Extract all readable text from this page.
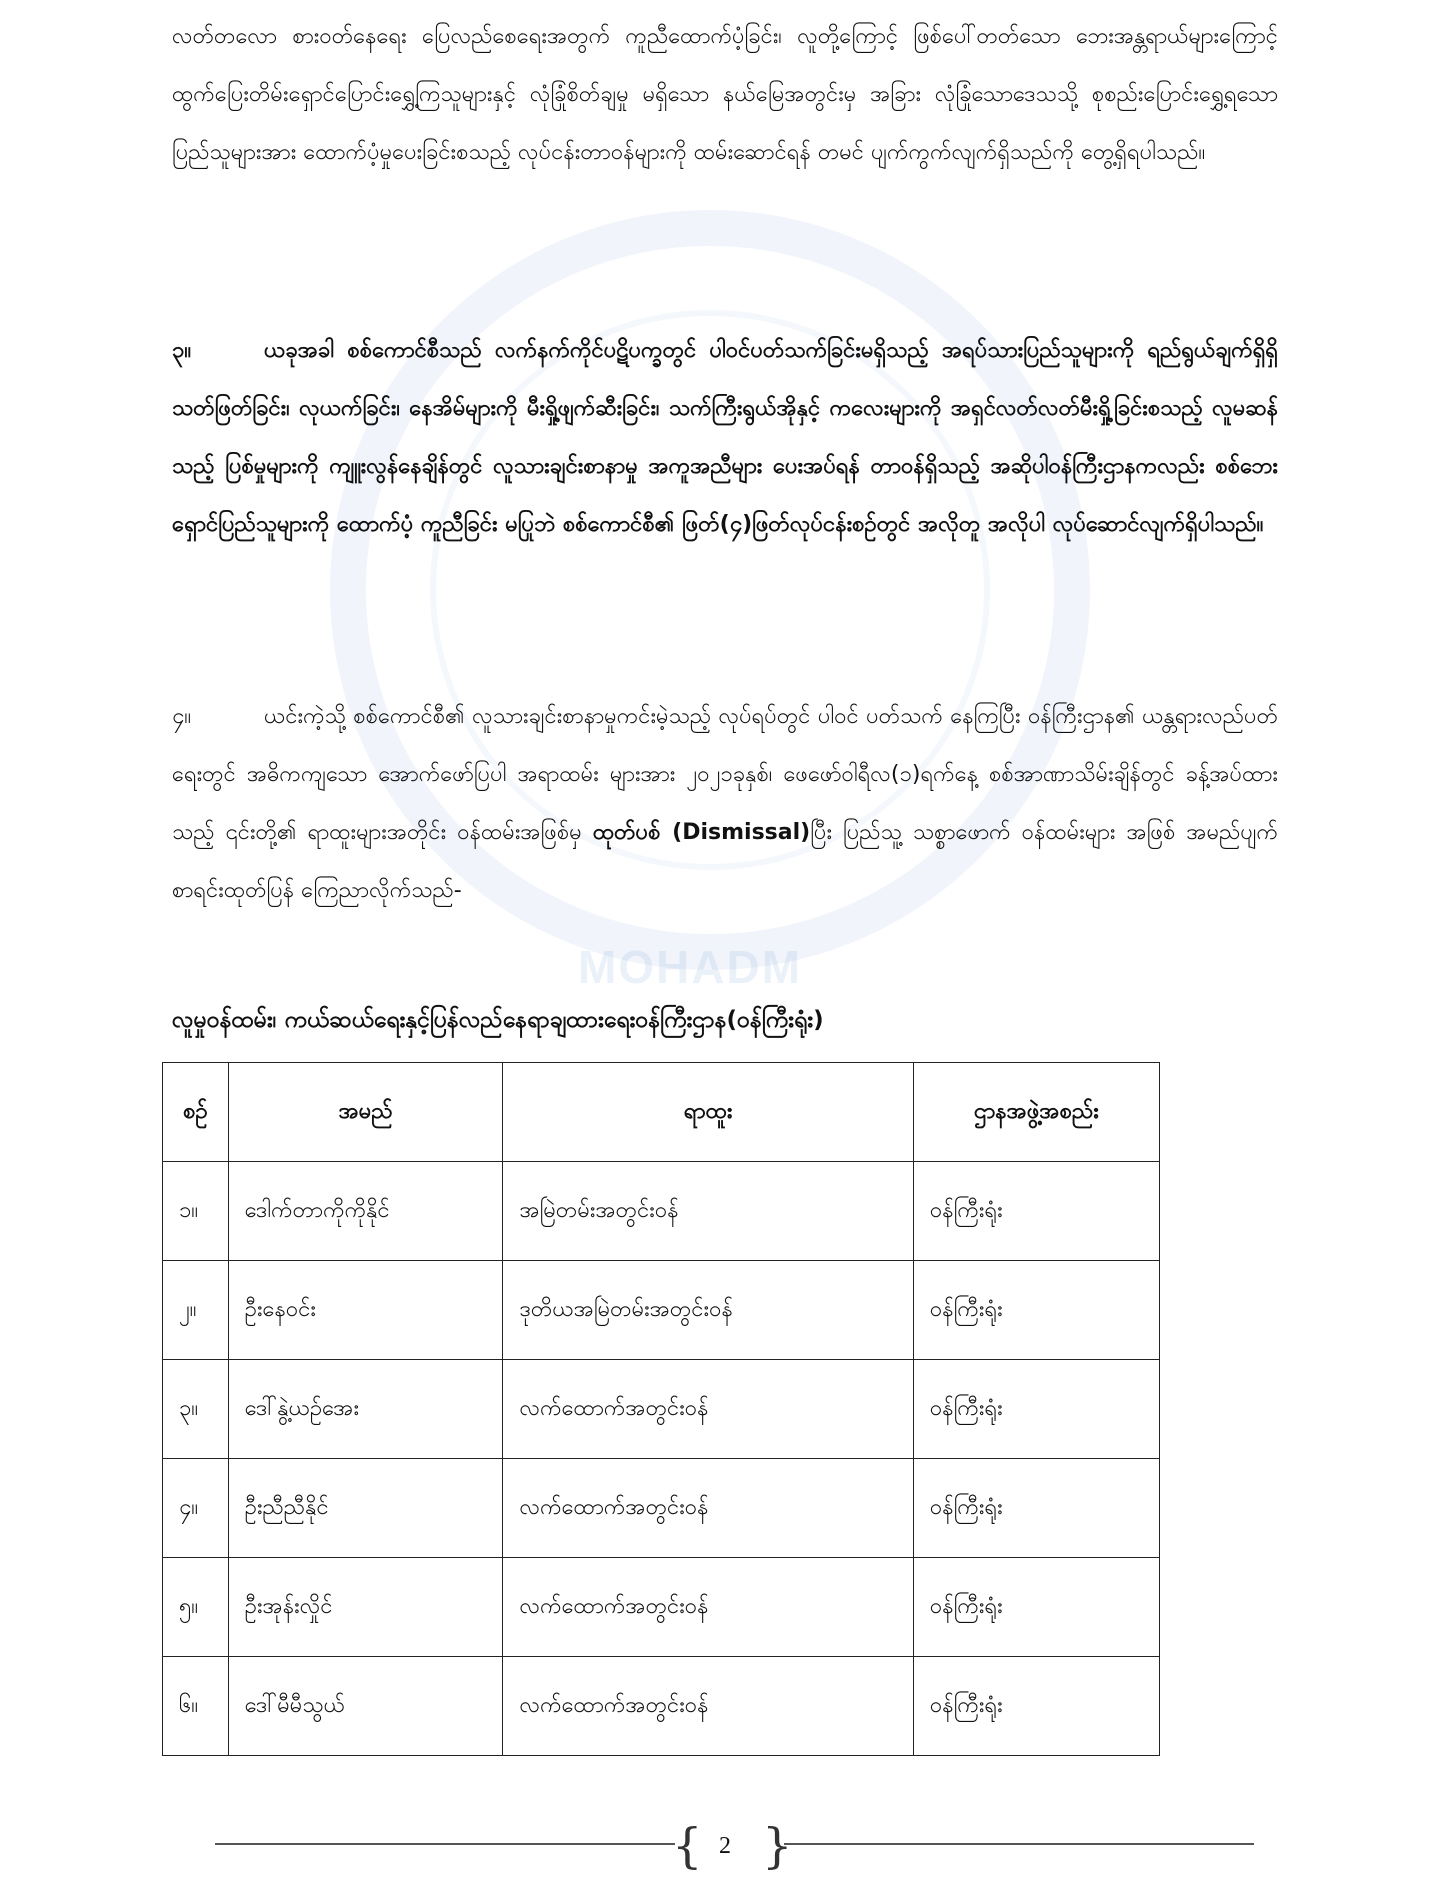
MOHADM
လတ်တလော စားဝတ်နေရေး ပြေလည်စေရေးအတွက် ကူညီထောက်ပံ့ခြင်း၊ လူတို့ကြောင့် ဖြစ်ပေါ်တတ်သော ဘေးအန္တရာယ်များကြောင့် ထွက်ပြေးတိမ်းရှောင်ပြောင်းရွှေ့ကြသူများနှင့် လုံခြုံစိတ်ချမှု မရှိသော နယ်မြေအတွင်းမှ အခြား လုံခြုံသောဒေသသို့ စုစည်းပြောင်းရွှေ့ရသော ပြည်သူများအား ထောက်ပံ့မှုပေးခြင်းစသည့် လုပ်ငန်းတာဝန်များကို ထမ်းဆောင်ရန် တမင် ပျက်ကွက်လျက်ရှိသည်ကို တွေ့ရှိရပါသည်။
၃။	ယခုအခါ စစ်ကောင်စီသည် လက်နက်ကိုင်ပဋိပက္ခတွင် ပါဝင်ပတ်သက်ခြင်းမရှိသည့် အရပ်သားပြည်သူများကို ရည်ရွယ်ချက်ရှိရှိ သတ်ဖြတ်ခြင်း၊ လုယက်ခြင်း၊ နေအိမ်များကို မီးရှို့ဖျက်ဆီးခြင်း၊ သက်ကြီးရွယ်အိုနှင့် ကလေးများကို အရှင်လတ်လတ်မီးရှို့ခြင်းစသည့် လူမဆန်သည့် ပြစ်မှုများကို ကျူးလွန်နေချိန်တွင် လူသားချင်းစာနာမှု အကူအညီများ ပေးအပ်ရန် တာဝန်ရှိသည့် အဆိုပါဝန်ကြီးဌာနကလည်း စစ်ဘေးရှောင်ပြည်သူများကို ထောက်ပံ့ ကူညီခြင်း မပြုဘဲ စစ်ကောင်စီ၏ ဖြတ်(၄)ဖြတ်လုပ်ငန်းစဉ်တွင် အလိုတူ အလိုပါ လုပ်ဆောင်လျက်ရှိပါသည်။
၄။	ယင်းကဲ့သို့ စစ်ကောင်စီ၏ လူသားချင်းစာနာမှုကင်းမဲ့သည့် လုပ်ရပ်တွင် ပါဝင် ပတ်သက် နေကြပြီး ဝန်ကြီးဌာန၏ ယန္တရားလည်ပတ်ရေးတွင် အဓိကကျသော အောက်ဖော်ပြပါ အရာထမ်း များအား ၂၀၂၁ခုနှစ်၊ ဖေဖော်ဝါရီလ(၁)ရက်နေ့ စစ်အာဏာသိမ်းချိန်တွင် ခန့်အပ်ထားသည့် ၎င်းတို့၏ ရာထူးများအတိုင်း ဝန်ထမ်းအဖြစ်မှ ထုတ်ပစ် (Dismissal)ပြီး ပြည်သူ့ သစ္စာဖောက် ဝန်ထမ်းများ အဖြစ် အမည်ပျက်စာရင်းထုတ်ပြန် ကြေညာလိုက်သည်-
လူမှုဝန်ထမ်း၊ ကယ်ဆယ်ရေးနှင့်ပြန်လည်နေရာချထားရေးဝန်ကြီးဌာန(ဝန်ကြီးရုံး)
စဉ်	အမည်	ရာထူး	ဌာနအဖွဲ့အစည်း
၁။	ဒေါက်တာကိုကိုနိုင်	အမြဲတမ်းအတွင်းဝန်	ဝန်ကြီးရုံး
၂။	ဦးနေဝင်း	ဒုတိယအမြဲတမ်းအတွင်းဝန်	ဝန်ကြီးရုံး
၃။	ဒေါ်နွဲ့ယဉ်အေး	လက်ထောက်အတွင်းဝန်	ဝန်ကြီးရုံး
၄။	ဦးညီညီနိုင်	လက်ထောက်အတွင်းဝန်	ဝန်ကြီးရုံး
၅။	ဦးအုန်းလှိုင်	လက်ထောက်အတွင်းဝန်	ဝန်ကြီးရုံး
၆။	ဒေါ်မီမီသွယ်	လက်ထောက်အတွင်းဝန်	ဝန်ကြီးရုံး
{ }
2
